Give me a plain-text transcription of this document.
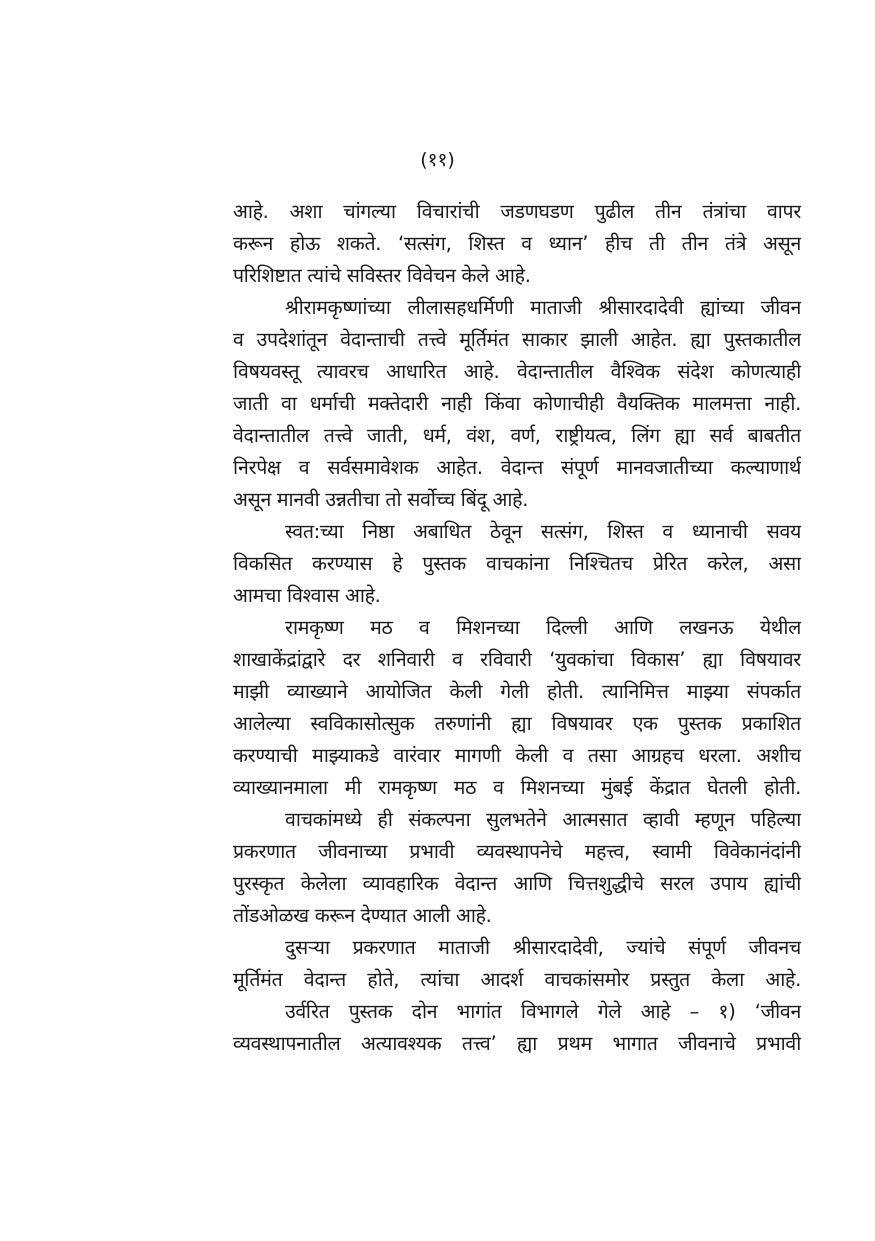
(११)
आहे. अशा चांगल्या विचारांची जडणघडण पुढील तीन तंत्रांचा वापर
करून होऊ शकते. ‘सत्संग, शिस्त व ध्यान’ हीच ती तीन तंत्रे असून
परिशिष्टात त्यांचे सविस्तर विवेचन केले आहे.
श्रीरामकृष्णांच्या लीलासहधर्मिणी माताजी श्रीसारदादेवी ह्यांच्या जीवन
व उपदेशांतून वेदान्ताची तत्त्वे मूर्तिमंत साकार झाली आहेत. ह्या पुस्तकातील
विषयवस्तू त्यावरच आधारित आहे. वेदान्तातील वैश्विक संदेश कोणत्याही
जाती वा धर्माची मक्तेदारी नाही किंवा कोणाचीही वैयक्तिक मालमत्ता नाही.
वेदान्तातील तत्त्वे जाती, धर्म, वंश, वर्ण, राष्ट्रीयत्व, लिंग ह्या सर्व बाबतीत
निरपेक्ष व सर्वसमावेशक आहेत. वेदान्त संपूर्ण मानवजातीच्या कल्याणार्थ
असून मानवी उन्नतीचा तो सर्वोच्च बिंदू आहे.
स्वत:च्या निष्ठा अबाधित ठेवून सत्संग, शिस्त व ध्यानाची सवय
विकसित करण्यास हे पुस्तक वाचकांना निश्चितच प्रेरित करेल, असा
आमचा विश्वास आहे.
रामकृष्ण मठ व मिशनच्या दिल्ली आणि लखनऊ येथील
शाखाकेंद्रांद्वारे दर शनिवारी व रविवारी ‘युवकांचा विकास’ ह्या विषयावर
माझी व्याख्याने आयोजित केली गेली होती. त्यानिमित्त माझ्या संपर्कात
आलेल्या स्वविकासोत्सुक तरुणांनी ह्या विषयावर एक पुस्तक प्रकाशित
करण्याची माझ्याकडे वारंवार मागणी केली व तसा आग्रहच धरला. अशीच
व्याख्यानमाला मी रामकृष्ण मठ व मिशनच्या मुंबई केंद्रात घेतली होती.
वाचकांमध्ये ही संकल्पना सुलभतेने आत्मसात व्हावी म्हणून पहिल्या
प्रकरणात जीवनाच्या प्रभावी व्यवस्थापनेचे महत्त्व, स्वामी विवेकानंदांनी
पुरस्कृत केलेला व्यावहारिक वेदान्त आणि चित्तशुद्धीचे सरल उपाय ह्यांची
तोंडओळख करून देण्यात आली आहे.
दुसऱ्या प्रकरणात माताजी श्रीसारदादेवी, ज्यांचे संपूर्ण जीवनच
मूर्तिमंत वेदान्त होते, त्यांचा आदर्श वाचकांसमोर प्रस्तुत केला आहे.
उर्वरित पुस्तक दोन भागांत विभागले गेले आहे – १) ‘जीवन
व्यवस्थापनातील अत्यावश्यक तत्त्व’ ह्या प्रथम भागात जीवनाचे प्रभावी
